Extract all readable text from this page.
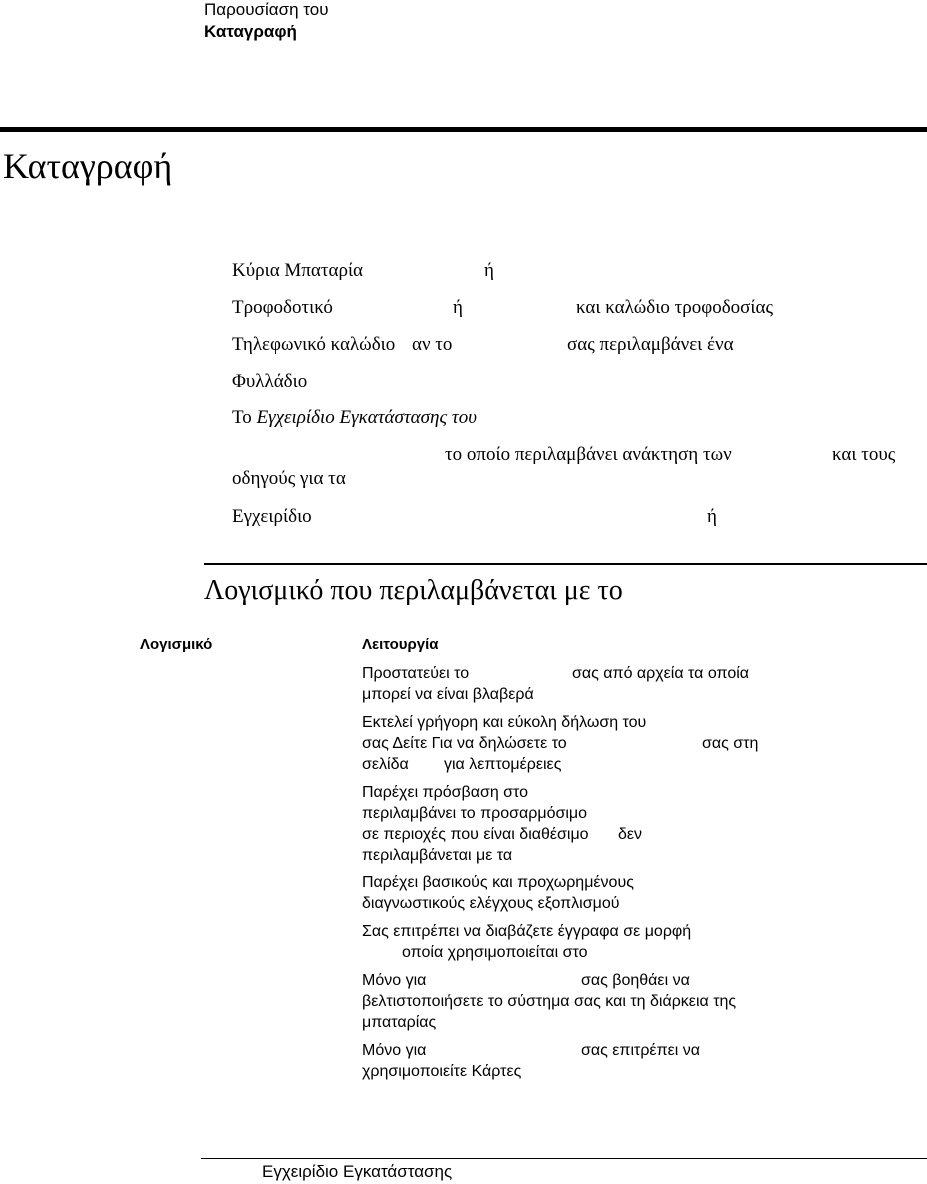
Παρουσίαση του
Καταγραφή
Καταγραφή
Κύρια Μπαταρία	ή
Τροφοδοτικό	ή	και καλώδιο τροφοδοσίας
Τηλεφωνικό καλώδιο αν το	σας περιλαμβάνει ένα
Φυλλάδιο
Το Εγχειρίδιο Εγκατάστασης του
το οποίο περιλαμβάνει ανάκτηση των	και τους
οδηγούς για τα
Εγχειρίδιο	ή
Λογισμικό που περιλαμβάνεται με το
Λογισμικό	Λειτουργία
Προστατεύει το	σας από αρχεία τα οποία
μπορεί να είναι βλαβερά
Εκτελεί γρήγορη και εύκολη δήλωση του
σας Δείτε Για να δηλώσετε το	σας στη
σελίδα για λεπτομέρειες
Παρέχει πρόσβαση στο
περιλαμβάνει το προσαρμόσιμο
σε περιοχές που είναι διαθέσιμο δεν
περιλαμβάνεται με τα
Παρέχει βασικούς και προχωρημένους
διαγνωστικούς ελέγχους εξοπλισμού
Σας επιτρέπει να διαβάζετε έγγραφα σε μορφή
οποία χρησιμοποιείται στο
Μόνο για	σας βοηθάει να
βελτιστοποιήσετε το σύστημα σας και τη διάρκεια της
μπαταρίας
Μόνο για	σας επιτρέπει να
χρησιμοποιείτε Κάρτες
Εγχειρίδιο Εγκατάστασης
